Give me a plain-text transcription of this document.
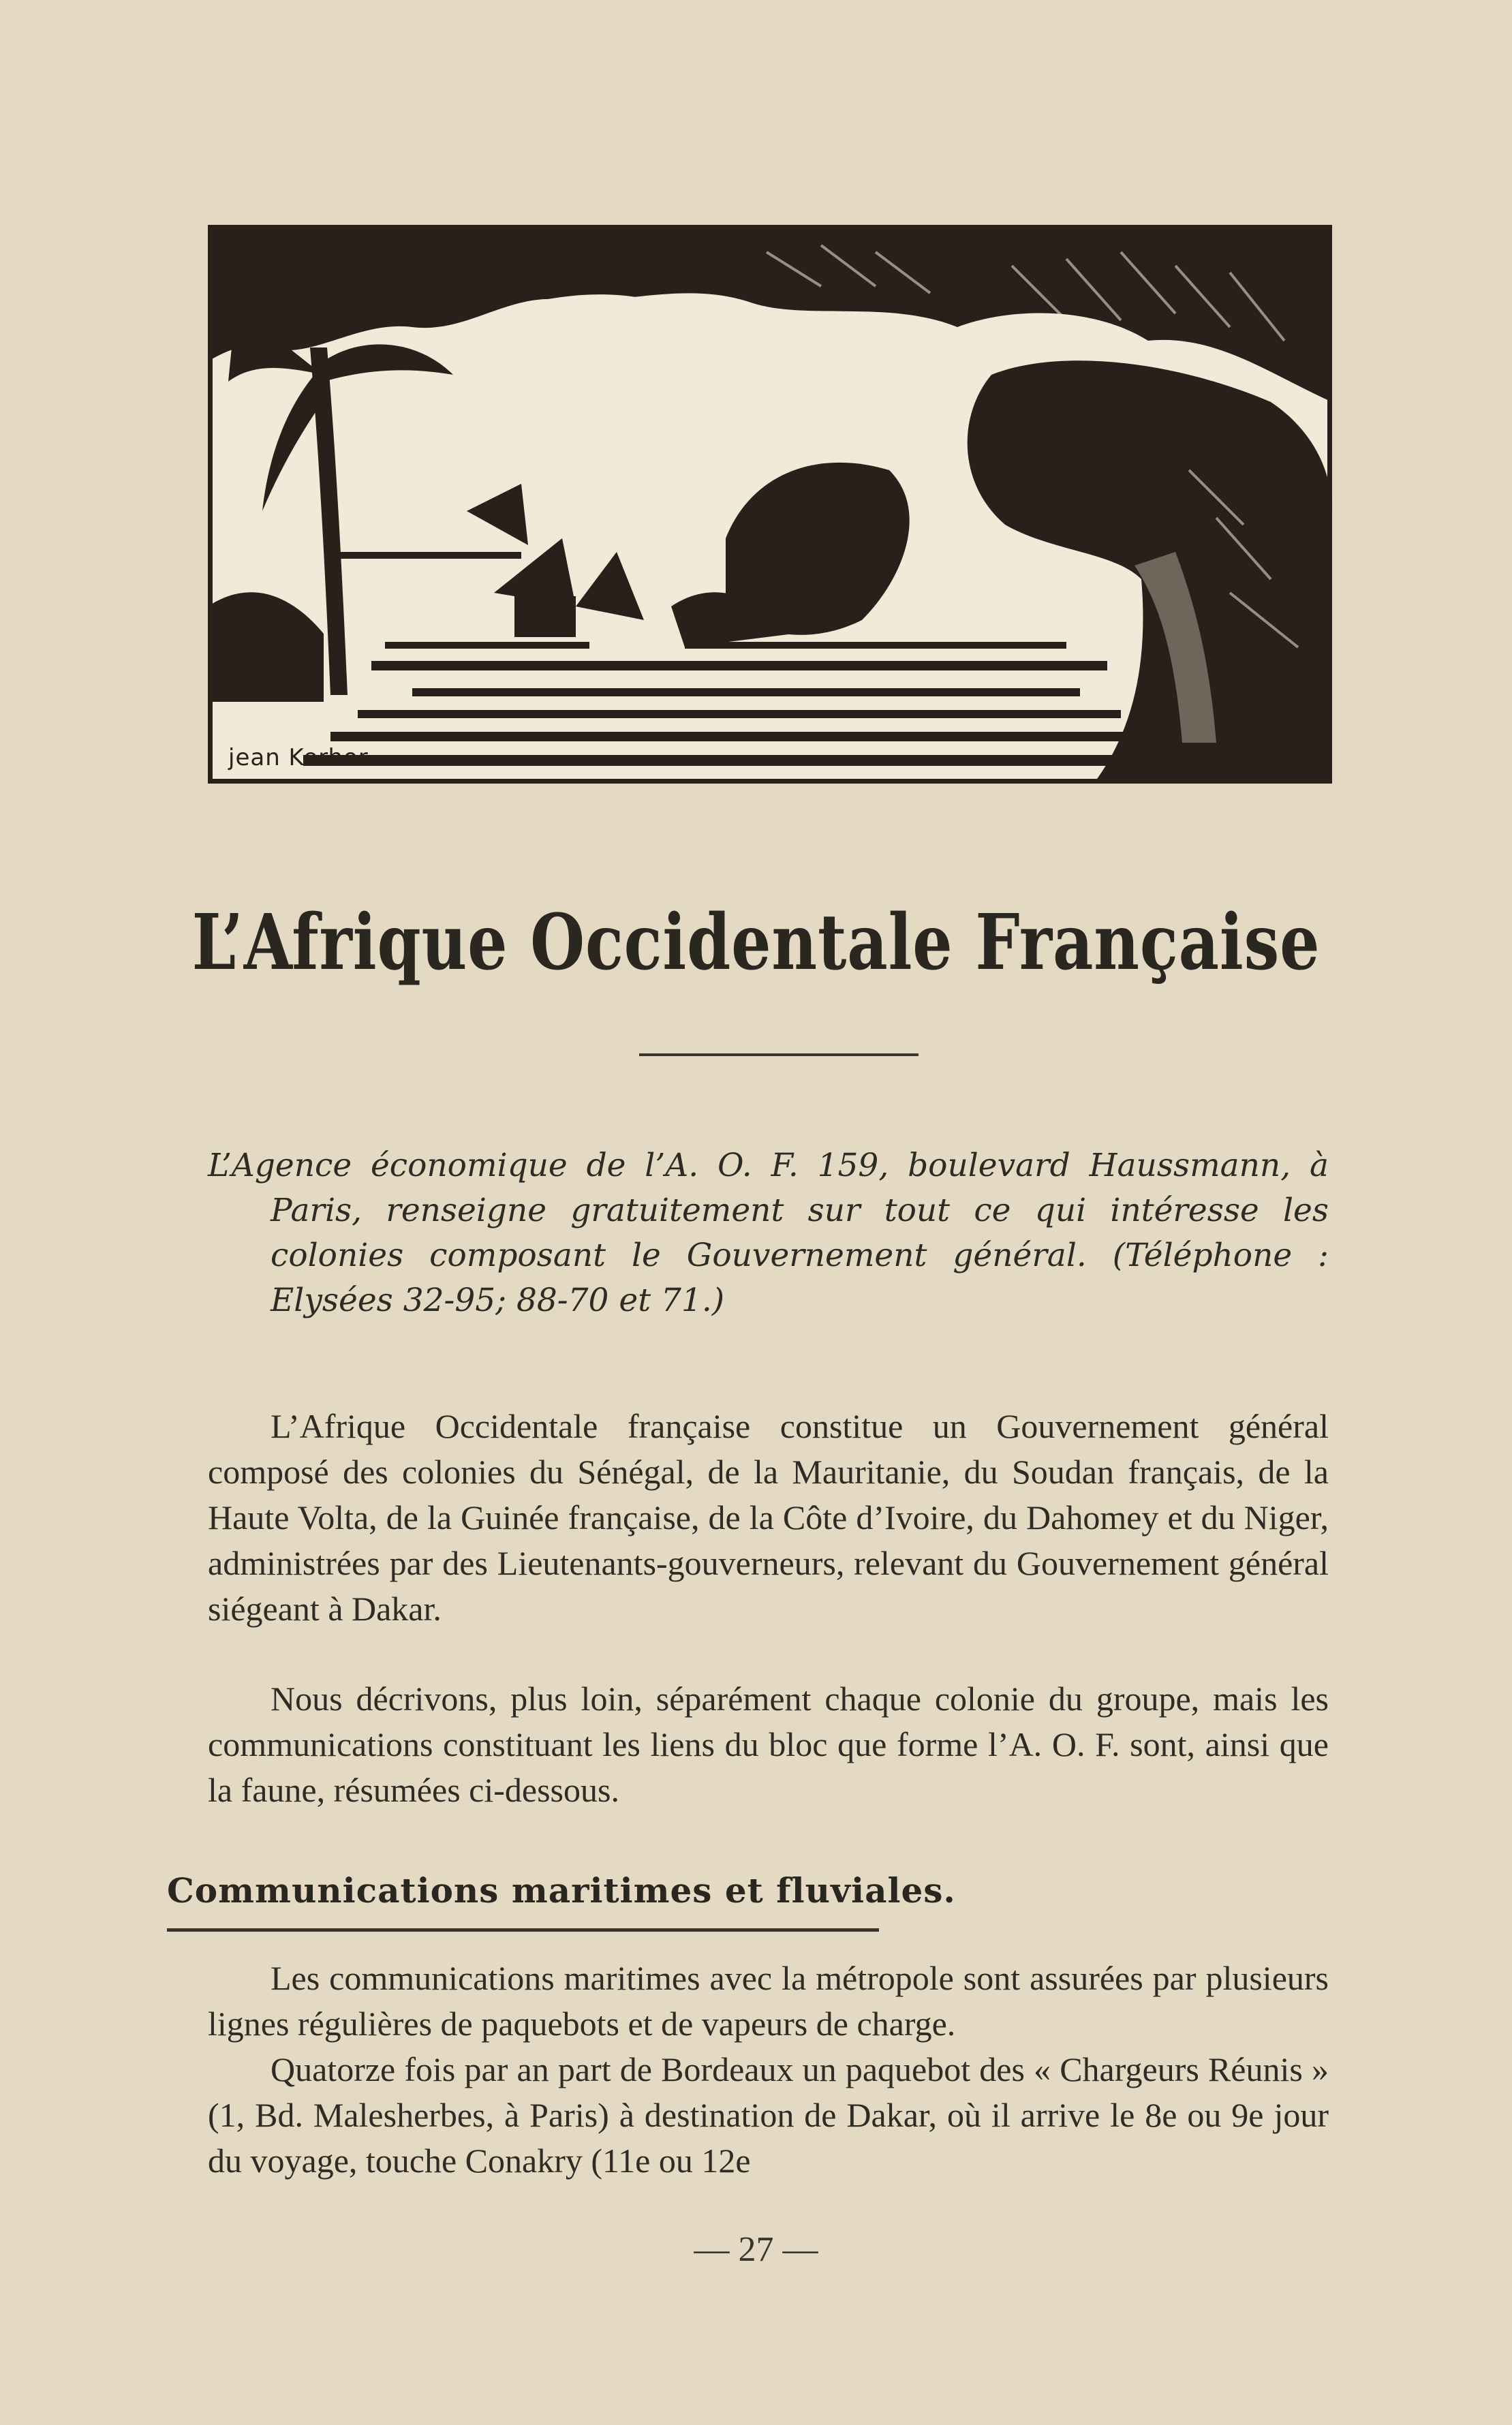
jean Kerhor
L’Afrique Occidentale Française
L’Agence économique de l’A. O. F. 159, boulevard Haussmann, à Paris, renseigne gratuitement sur tout ce qui intéresse les colonies composant le Gouvernement général. (Téléphone : Elysées 32-95; 88-70 et 71.)
L’Afrique Occidentale française constitue un Gouvernement général composé des colonies du Sénégal, de la Mauritanie, du Soudan français, de la Haute Volta, de la Guinée française, de la Côte d’Ivoire, du Dahomey et du Niger, administrées par des Lieutenants-gouverneurs, relevant du Gouvernement général siégeant à Dakar.
Nous décrivons, plus loin, séparément chaque colonie du groupe, mais les communications constituant les liens du bloc que forme l’A. O. F. sont, ainsi que la faune, résumées ci-dessous.
Communications maritimes et fluviales.
Les communications maritimes avec la métropole sont assurées par plusieurs lignes régulières de paquebots et de vapeurs de charge.
Quatorze fois par an part de Bordeaux un paquebot des « Chargeurs Réunis » (1, Bd. Malesherbes, à Paris) à destination de Dakar, où il arrive le 8e ou 9e jour du voyage, touche Conakry (11e ou 12e
— 27 —
